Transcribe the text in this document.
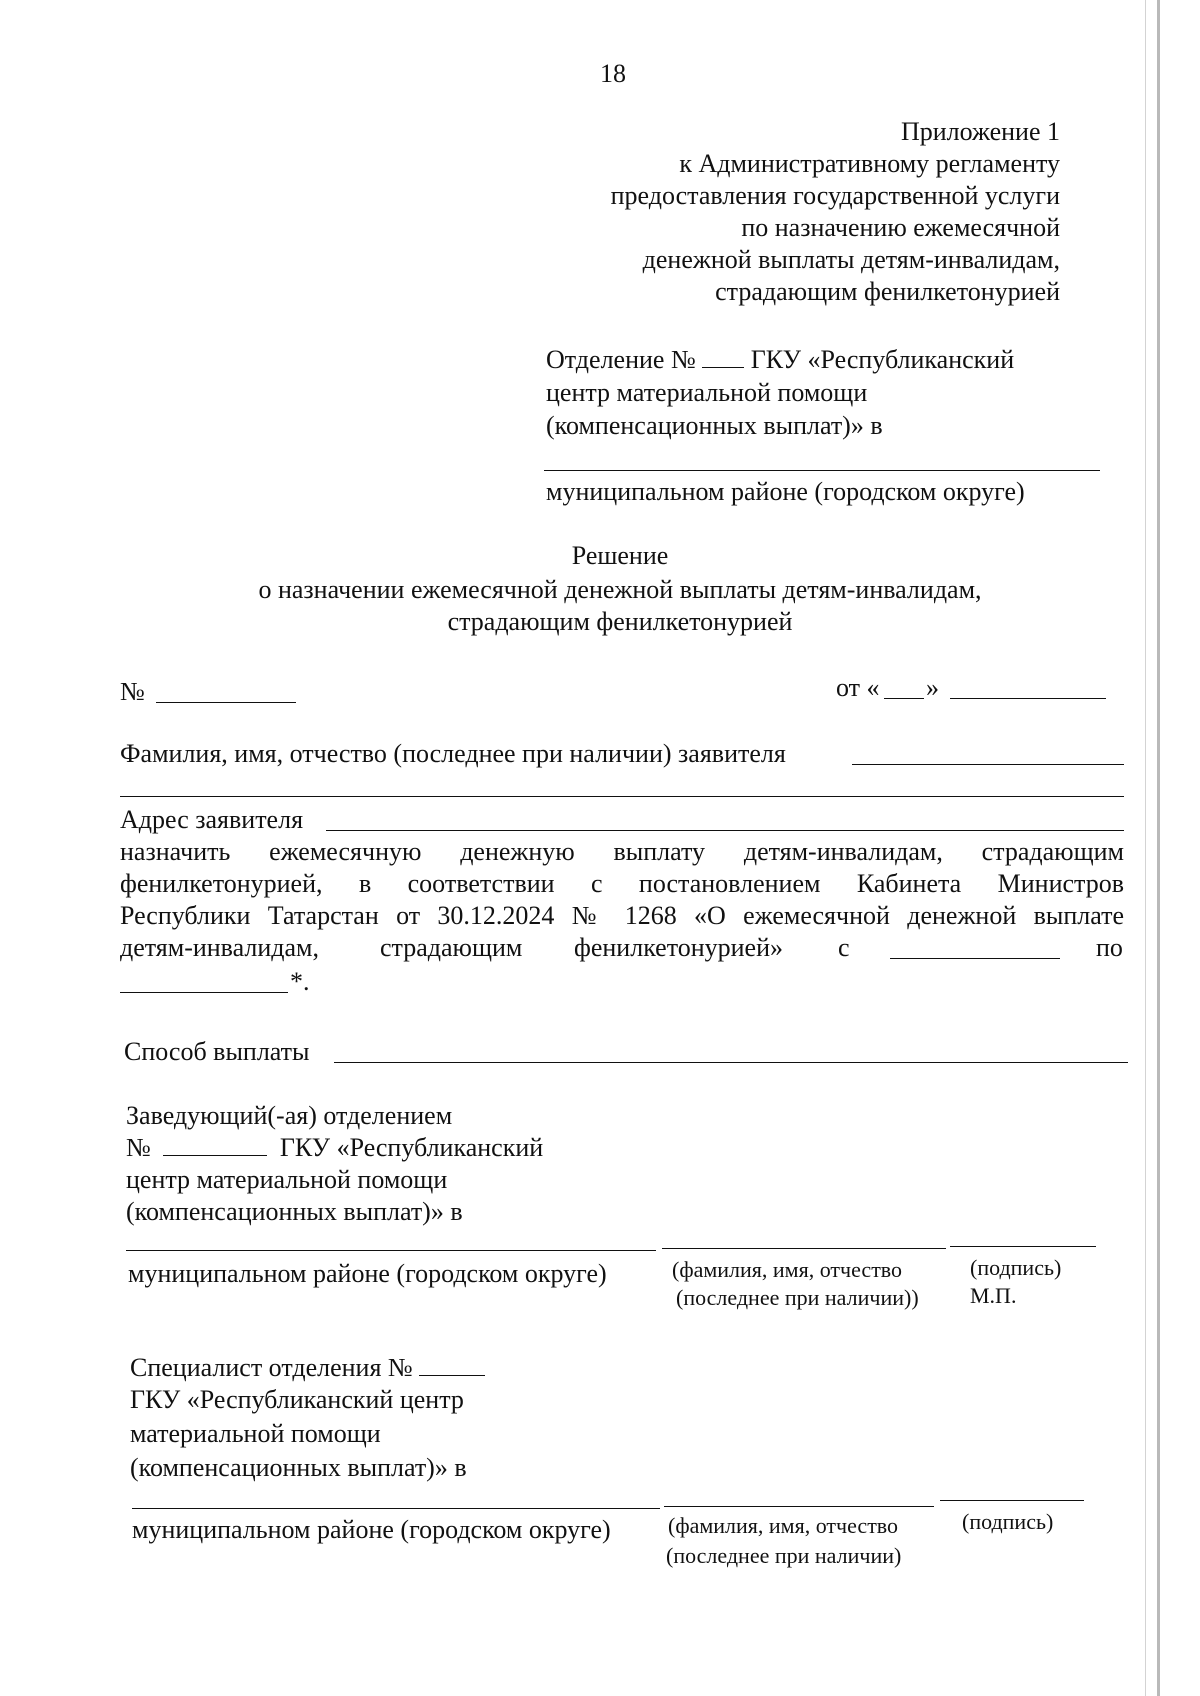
18
Приложение 1
к Административному регламенту
предоставления государственной услуги
по назначению ежемесячной
денежной выплаты детям-инвалидам,
страдающим фенилкетонурией
Отделение № ГКУ «Республиканский
центр материальной помощи
(компенсационных выплат)» в
муниципальном районе (городском округе)
Решение
о назначении ежемесячной денежной выплаты детям-инвалидам,
страдающим фенилкетонурией
№	от « »
Фамилия, имя, отчество (последнее при наличии) заявителя
Адрес заявителя
назначить ежемесячную денежную выплату детям-инвалидам, страдающим
фенилкетонурией, в соответствии с постановлением Кабинета Министров
Республики Татарстан от 30.12.2024 № 1268 «О ежемесячной денежной выплате
детям-инвалидам, страдающим фенилкетонурией» с	по
*.
Способ выплаты
Заведующий(-ая) отделением
№	ГКУ «Республиканский
центр материальной помощи
(компенсационных выплат)» в
муниципальном районе (городском округе)	(фамилия, имя, отчество
(последнее при наличии))
(подпись)
М.П.
Специалист отделения №
ГКУ «Республиканский центр
материальной помощи
(компенсационных выплат)» в
муниципальном районе (городском округе)	(фамилия, имя, отчество
(последнее при наличии)
(подпись)
